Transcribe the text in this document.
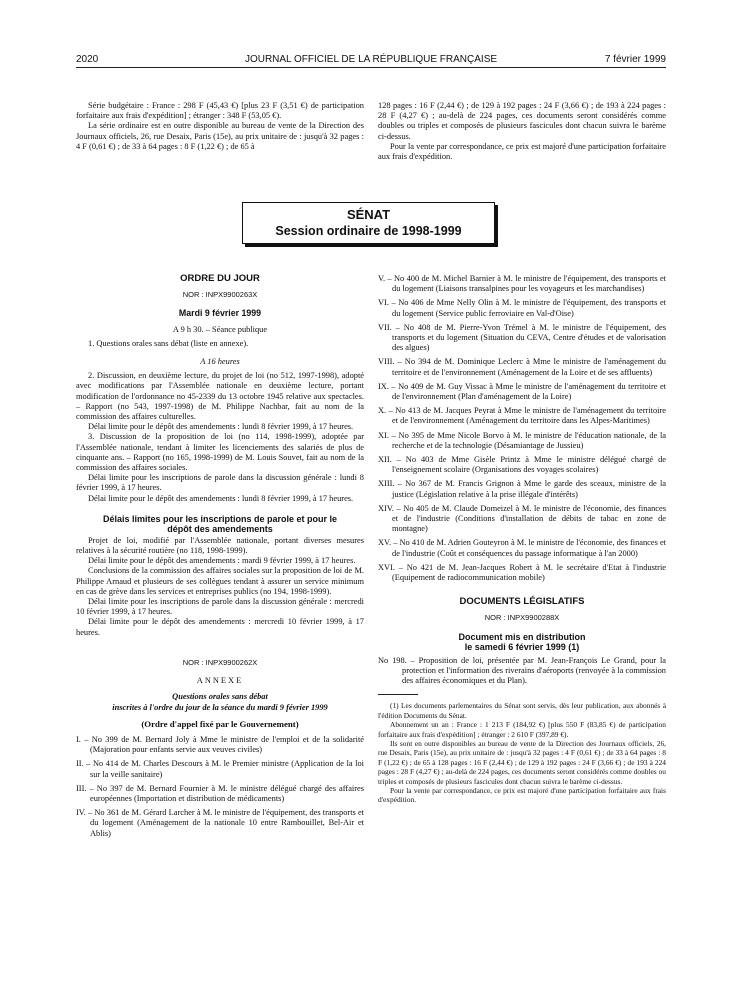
2020	JOURNAL OFFICIEL DE LA RÉPUBLIQUE FRANÇAISE	7 février 1999

Série budgétaire : France : 298 F (45,43 €) [plus 23 F (3,51 €) de participation forfaitaire aux frais d'expédition] ; étranger : 348 F (53,05 €).

La série ordinaire est en outre disponible au bureau de vente de la Direction des Journaux officiels, 26, rue Desaix, Paris (15e), au prix unitaire de : jusqu'à 32 pages : 4 F (0,61 €) ; de 33 à 64 pages : 8 F (1,22 €) ; de 65 à

128 pages : 16 F (2,44 €) ; de 129 à 192 pages : 24 F (3,66 €) ; de 193 à 224 pages : 28 F (4,27 €) ; au-delà de 224 pages, ces documents seront considérés comme doubles ou triples et composés de plusieurs fascicules dont chacun suivra le barème ci-dessus.

Pour la vente par correspondance, ce prix est majoré d'une participation forfaitaire aux frais d'expédition.

SÉNAT
Session ordinaire de 1998-1999

ORDRE DU JOUR

NOR : INPX9900263X

Mardi 9 février 1999

A 9 h 30. – Séance publique

1. Questions orales sans débat (liste en annexe).

A 16 heures

2. Discussion, en deuxième lecture, du projet de loi (no 512, 1997-1998), adopté avec modifications par l'Assemblée nationale en deuxième lecture, portant modification de l'ordonnance no 45-2339 du 13 octobre 1945 relative aux spectacles. – Rapport (no 543, 1997-1998) de M. Philippe Nachbar, fait au nom de la commission des affaires culturelles.

Délai limite pour le dépôt des amendements : lundi 8 février 1999, à 17 heures.

3. Discussion de la proposition de loi (no 114, 1998-1999), adoptée par l'Assemblée nationale, tendant à limiter les licenciements des salariés de plus de cinquante ans. – Rapport (no 165, 1998-1999) de M. Louis Souvet, fait au nom de la commission des affaires sociales.

Délai limite pour les inscriptions de parole dans la discussion générale : lundi 8 février 1999, à 17 heures.

Délai limite pour le dépôt des amendements : lundi 8 février 1999, à 17 heures.

Délais limites pour les inscriptions de parole et pour le dépôt des amendements

Projet de loi, modifié par l'Assemblée nationale, portant diverses mesures relatives à la sécurité routière (no 118, 1998-1999).

Délai limite pour le dépôt des amendements : mardi 9 février 1999, à 17 heures.

Conclusions de la commission des affaires sociales sur la proposition de loi de M. Philippe Arnaud et plusieurs de ses collègues tendant à assurer un service minimum en cas de grève dans les services et entreprises publics (no 194, 1998-1999).

Délai limite pour les inscriptions de parole dans la discussion générale : mercredi 10 février 1999, à 17 heures.

Délai limite pour le dépôt des amendements : mercredi 10 février 1999, à 17 heures.

NOR : INPX9900262X

ANNEXE

Questions orales sans débat

inscrites à l'ordre du jour de la séance du mardi 9 février 1999

(Ordre d'appel fixé par le Gouvernement)

I. – No 399 de M. Bernard Joly à Mme le ministre de l'emploi et de la solidarité (Majoration pour enfants servie aux veuves civiles)

II. – No 414 de M. Charles Descours à M. le Premier ministre (Application de la loi sur la veille sanitaire)

III. – No 397 de M. Bernard Fournier à M. le ministre délégué chargé des affaires européennes (Importation et distribution de médicaments)

IV. – No 361 de M. Gérard Larcher à M. le ministre de l'équipement, des transports et du logement (Aménagement de la nationale 10 entre Rambouillet, Bel-Air et Ablis)

V. – No 400 de M. Michel Barnier à M. le ministre de l'équipement, des transports et du logement (Liaisons transalpines pour les voyageurs et les marchandises)

VI. – No 406 de Mme Nelly Olin à M. le ministre de l'équipement, des transports et du logement (Service public ferroviaire en Val-d'Oise)

VII. – No 408 de M. Pierre-Yvon Trémel à M. le ministre de l'équipement, des transports et du logement (Situation du CEVA, Centre d'études et de valorisation des algues)

VIII. – No 394 de M. Dominique Leclerc à Mme le ministre de l'aménagement du territoire et de l'environnement (Aménagement de la Loire et de ses affluents)

IX. – No 409 de M. Guy Vissac à Mme le ministre de l'aménagement du territoire et de l'environnement (Plan d'aménagement de la Loire)

X. – No 413 de M. Jacques Peyrat à Mme le ministre de l'aménagement du territoire et de l'environnement (Aménagement du territoire dans les Alpes-Maritimes)

XI. – No 395 de Mme Nicole Borvo à M. le ministre de l'éducation nationale, de la recherche et de la technologie (Désamiantage de Jussieu)

XII. – No 403 de Mme Gisèle Printz à Mme le ministre délégué chargé de l'enseignement scolaire (Organisations des voyages scolaires)

XIII. – No 367 de M. Francis Grignon à Mme le garde des sceaux, ministre de la justice (Législation relative à la prise illégale d'intérêts)

XIV. – No 405 de M. Claude Domeizel à M. le ministre de l'économie, des finances et de l'industrie (Conditions d'installation de débits de tabac en zone de montagne)

XV. – No 410 de M. Adrien Gouteyron à M. le ministre de l'économie, des finances et de l'industrie (Coût et conséquences du passage informatique à l'an 2000)

XVI. – No 421 de M. Jean-Jacques Robert à M. le secrétaire d'Etat à l'industrie (Equipement de radiocommunication mobile)

DOCUMENTS LÉGISLATIFS

NOR : INPX9900288X

Document mis en distribution

le samedi 6 février 1999 (1)

No 198. – Proposition de loi, présentée par M. Jean-François Le Grand, pour la protection et l'information des riverains d'aéroports (renvoyée à la commission des affaires économiques et du Plan).

(1) Les documents parlementaires du Sénat sont servis, dès leur publication, aux abonnés à l'édition Documents du Sénat.

Abonnement un an : France : 1 213 F (184,92 €) [plus 550 F (83,85 €) de participation forfaitaire aux frais d'expédition] ; étranger : 2 610 F (397,89 €).

Ils sont en outre disponibles au bureau de vente de la Direction des Journaux officiels, 26, rue Desaix, Paris (15e), au prix unitaire de : jusqu'à 32 pages : 4 F (0,61 €) ; de 33 à 64 pages : 8 F (1,22 €) ; de 65 à 128 pages : 16 F (2,44 €) ; de 129 à 192 pages : 24 F (3,66 €) ; de 193 à 224 pages : 28 F (4,27 €) ; au-delà de 224 pages, ces documents seront considérés comme doubles ou triples et composés de plusieurs fascicules dont chacun suivra le barème ci-dessus.

Pour la vente par correspondance, ce prix est majoré d'une participation forfaitaire aux frais d'expédition.
